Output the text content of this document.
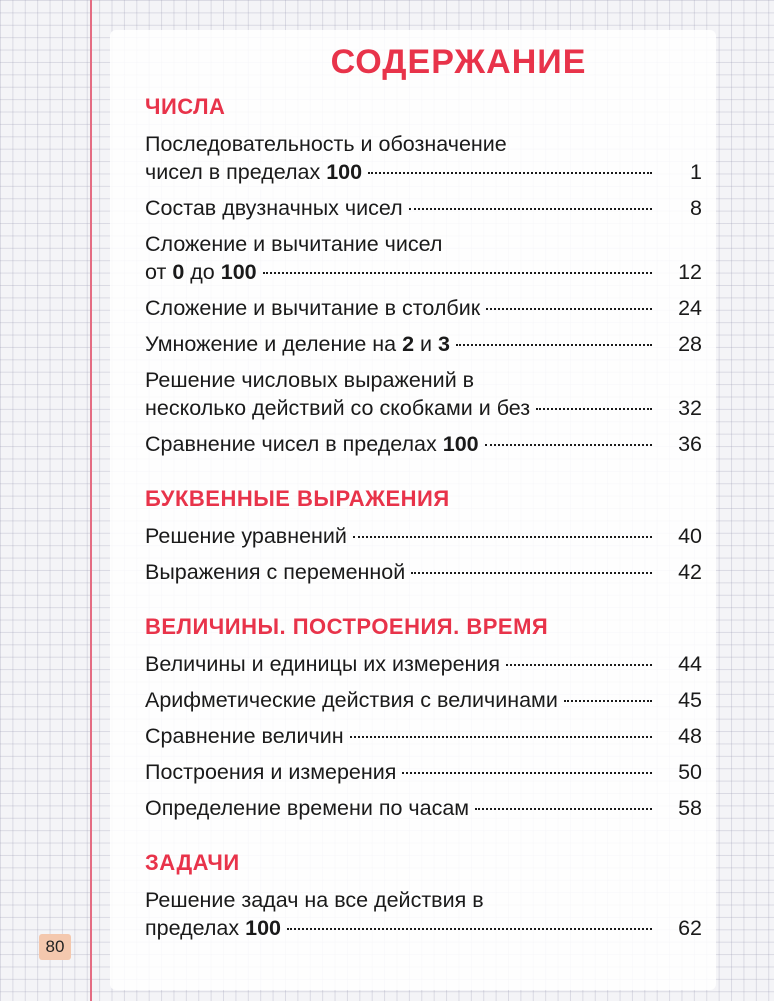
80
СОДЕРЖАНИЕ
ЧИСЛА
Последовательность и обозначение
чисел в пределах 100	1
Состав двузначных чисел	8
Сложение и вычитание чисел
от 0 до 100	12
Сложение и вычитание в столбик	24
Умножение и деление на 2 и 3	28
Решение числовых выражений в
несколько действий со скобками и без	32
Сравнение чисел в пределах 100	36
БУКВЕННЫЕ ВЫРАЖЕНИЯ
Решение уравнений	40
Выражения с переменной	42
ВЕЛИЧИНЫ. ПОСТРОЕНИЯ. ВРЕМЯ
Величины и единицы их измерения	44
Арифметические действия с величинами	45
Сравнение величин	48
Построения и измерения	50
Определение времени по часам	58
ЗАДАЧИ
Решение задач на все действия в
пределах 100	62
